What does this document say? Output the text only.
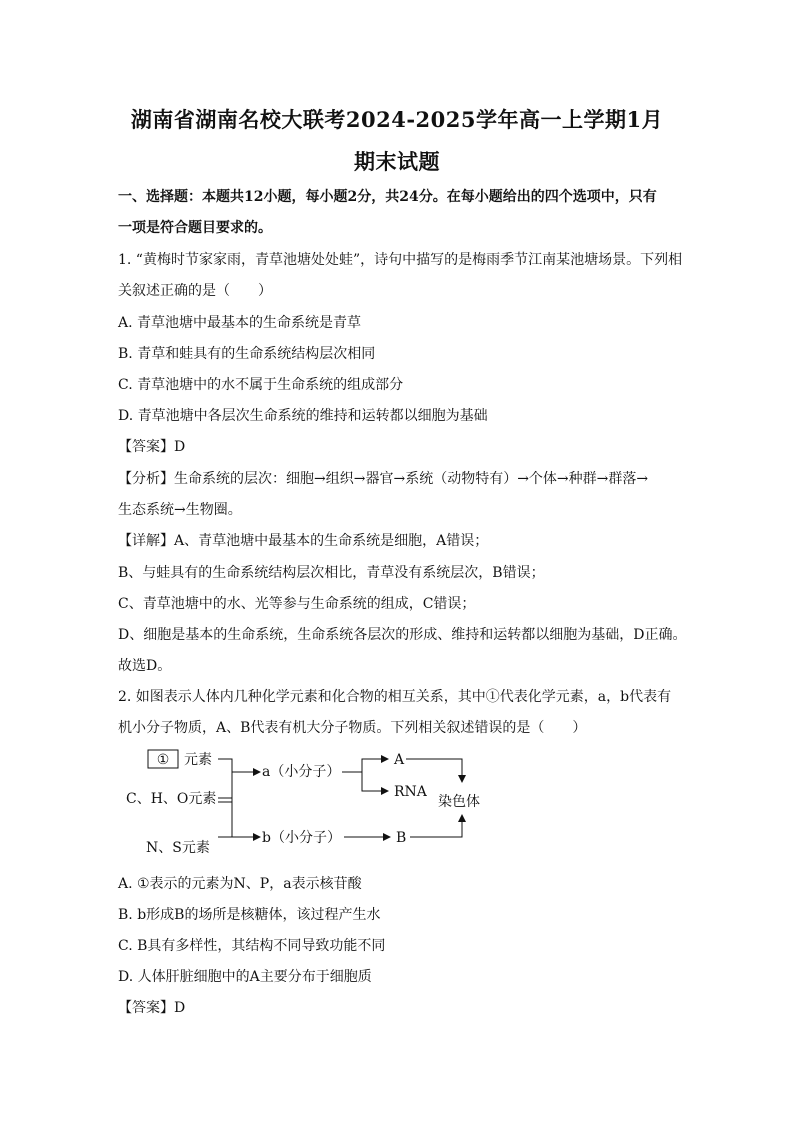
湖南省湖南名校大联考2024-2025学年高一上学期1月
期末试题
一、选择题：本题共12小题，每小题2分，共24分。在每小题给出的四个选项中，只有
一项是符合题目要求的。
1. “黄梅时节家家雨，青草池塘处处蛙”，诗句中描写的是梅雨季节江南某池塘场景。下列相
关叙述正确的是（　　）
A. 青草池塘中最基本的生命系统是青草
B. 青草和蛙具有的生命系统结构层次相同
C. 青草池塘中的水不属于生命系统的组成部分
D. 青草池塘中各层次生命系统的维持和运转都以细胞为基础
【答案】D
【分析】生命系统的层次：细胞→组织→器官→系统（动物特有）→个体→种群→群落→
生态系统→生物圈。
【详解】A、青草池塘中最基本的生命系统是细胞，A错误；
B、与蛙具有的生命系统结构层次相比，青草没有系统层次，B错误；
C、青草池塘中的水、光等参与生命系统的组成，C错误；
D、细胞是基本的生命系统，生命系统各层次的形成、维持和运转都以细胞为基础，D正确。
故选D。
2. 如图表示人体内几种化学元素和化合物的相互关系，其中①代表化学元素，a，b代表有
机小分子物质，A、B代表有机大分子物质。下列相关叙述错误的是（　　）
① 元素
C、H、O元素
N、S元素
a（小分子）
b（小分子）
A
RNA
B
染色体
A. ①表示的元素为N、P，a表示核苷酸
B. b形成B的场所是核糖体，该过程产生水
C. B具有多样性，其结构不同导致功能不同
D. 人体肝脏细胞中的A主要分布于细胞质
【答案】D
